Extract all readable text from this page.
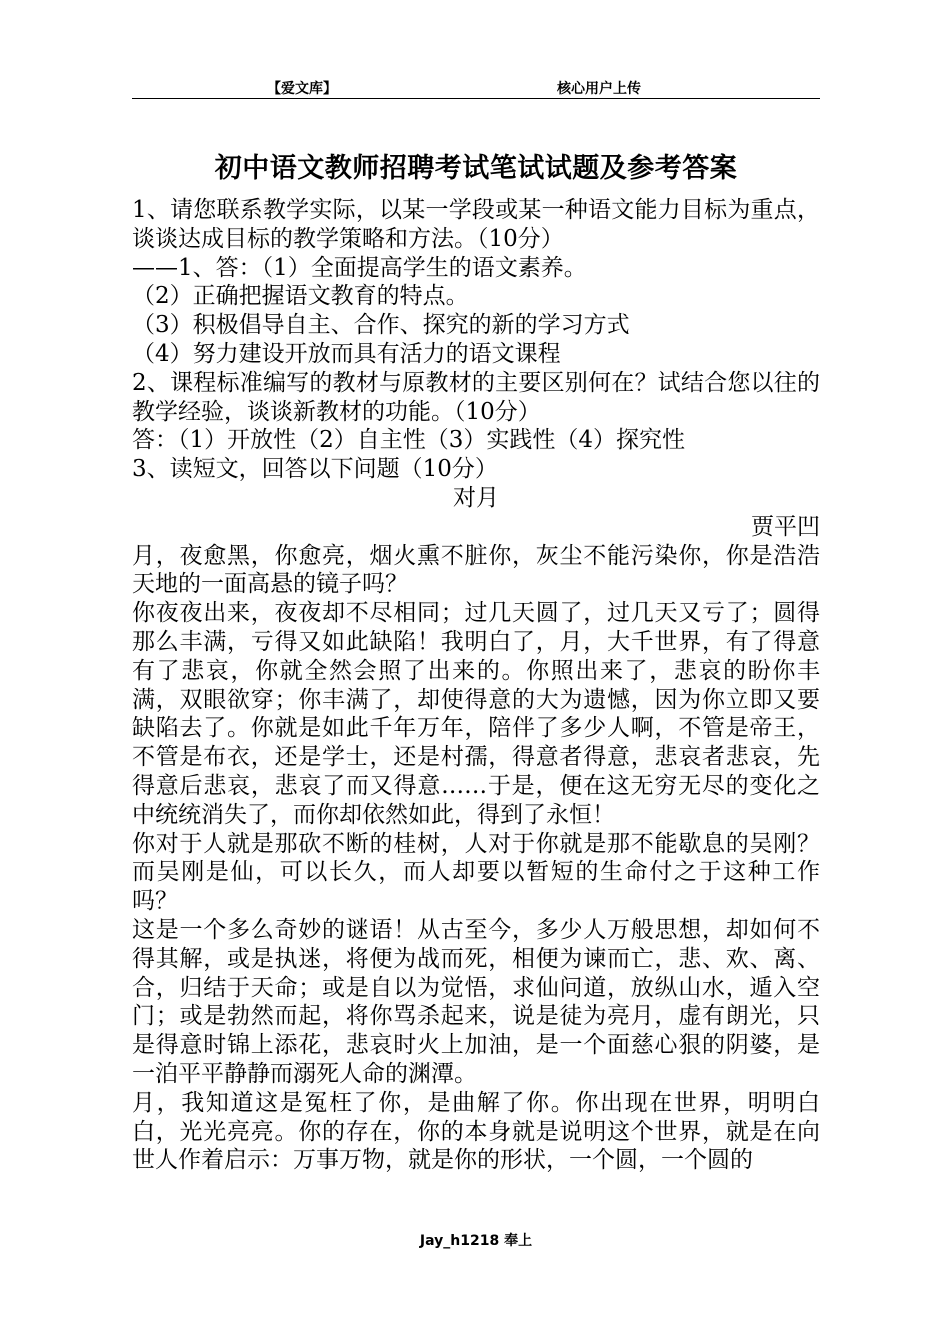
【爱文库】	核心用户上传
初中语文教师招聘考试笔试试题及参考答案

1、请您联系教学实际，以某一学段或某一种语文能力目标为重点，谈谈达成目标的教学策略和方法。（10分）

——1、答：（1）全面提高学生的语文素养。

（2）正确把握语文教育的特点。

（3）积极倡导自主、合作、探究的新的学习方式

（4）努力建设开放而具有活力的语文课程

2、课程标准编写的教材与原教材的主要区别何在？试结合您以往的教学经验，谈谈新教材的功能。（10分）

答：（1）开放性（2）自主性（3）实践性（4）探究性

3、读短文，回答以下问题（10分）

对月

贾平凹

月，夜愈黑，你愈亮，烟火熏不脏你，灰尘不能污染你，你是浩浩天地的一面高悬的镜子吗？

你夜夜出来，夜夜却不尽相同；过几天圆了，过几天又亏了；圆得那么丰满，亏得又如此缺陷！我明白了，月，大千世界，有了得意有了悲哀，你就全然会照了出来的。你照出来了，悲哀的盼你丰满，双眼欲穿；你丰满了，却使得意的大为遗憾，因为你立即又要缺陷去了。你就是如此千年万年，陪伴了多少人啊，不管是帝王，不管是布衣，还是学士，还是村孺，得意者得意，悲哀者悲哀，先得意后悲哀，悲哀了而又得意……于是，便在这无穷无尽的变化之中统统消失了，而你却依然如此，得到了永恒！

你对于人就是那砍不断的桂树，人对于你就是那不能歇息的吴刚？而吴刚是仙，可以长久，而人却要以暂短的生命付之于这种工作吗？

这是一个多么奇妙的谜语！从古至今，多少人万般思想，却如何不得其解，或是执迷，将便为战而死，相便为谏而亡，悲、欢、离、合，归结于天命；或是自以为觉悟，求仙问道，放纵山水，遁入空门；或是勃然而起，将你骂杀起来，说是徒为亮月，虚有朗光，只是得意时锦上添花，悲哀时火上加油，是一个面慈心狠的阴婆，是一泊平平静静而溺死人命的渊潭。

月，我知道这是冤枉了你，是曲解了你。你出现在世界，明明白白，光光亮亮。你的存在，你的本身就是说明这个世界，就是在向世人作着启示：万事万物，就是你的形状，一个圆，一个圆的

Jay_h1218 奉上
